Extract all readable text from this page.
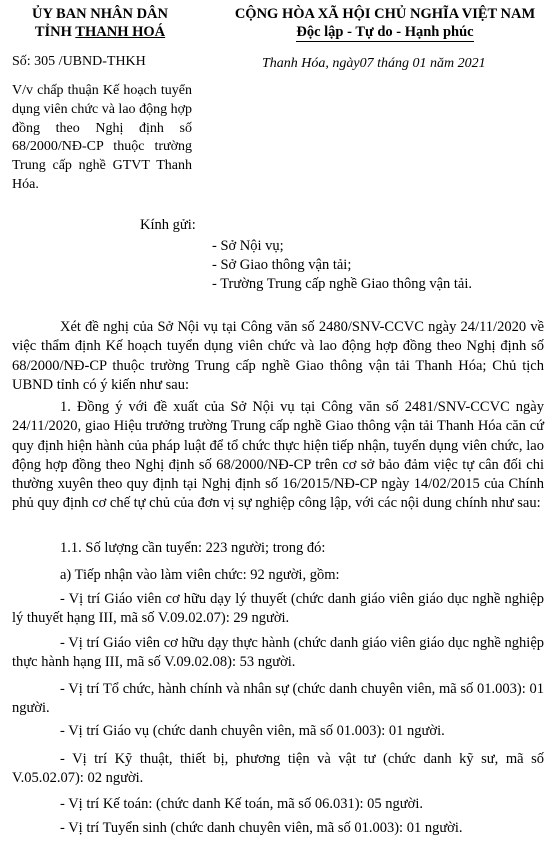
ỦY BAN NHÂN DÂN
TỈNH THANH HOÁ
CỘNG HÒA XÃ HỘI CHỦ NGHĨA VIỆT NAM
Độc lập - Tự do - Hạnh phúc
Số: 305 /UBND-THKH	Thanh Hóa, ngày07 tháng 01 năm 2021
V/v chấp thuận Kế hoạch tuyển dụng viên chức và lao động hợp đồng theo Nghị định số 68/2000/NĐ-CP thuộc trường Trung cấp nghề GTVT Thanh Hóa.
Kính gửi:
- Sở Nội vụ;
- Sở Giao thông vận tải;
- Trường Trung cấp nghề Giao thông vận tải.
Xét đề nghị của Sở Nội vụ tại Công văn số 2480/SNV-CCVC ngày 24/11/2020 về việc thẩm định Kế hoạch tuyển dụng viên chức và lao động hợp đồng theo Nghị định số 68/2000/NĐ-CP thuộc trường Trung cấp nghề Giao thông vận tải Thanh Hóa; Chủ tịch UBND tỉnh có ý kiến như sau:
1. Đồng ý với đề xuất của Sở Nội vụ tại Công văn số 2481/SNV-CCVC ngày 24/11/2020, giao Hiệu trưởng trường Trung cấp nghề Giao thông vận tải Thanh Hóa căn cứ quy định hiện hành của pháp luật để tổ chức thực hiện tiếp nhận, tuyển dụng viên chức, lao động hợp đồng theo Nghị định số 68/2000/NĐ-CP trên cơ sở bảo đảm việc tự cân đối chi thường xuyên theo quy định tại Nghị định số 16/2015/NĐ-CP ngày 14/02/2015 của Chính phủ quy định cơ chế tự chủ của đơn vị sự nghiệp công lập, với các nội dung chính như sau:
1.1. Số lượng cần tuyển: 223 người; trong đó:
a) Tiếp nhận vào làm viên chức: 92 người, gồm:
- Vị trí Giáo viên cơ hữu dạy lý thuyết (chức danh giáo viên giáo dục nghề nghiệp lý thuyết hạng III, mã số V.09.02.07): 29 người.
- Vị trí Giáo viên cơ hữu dạy thực hành (chức danh giáo viên giáo dục nghề nghiệp thực hành hạng III, mã số V.09.02.08): 53 người.
- Vị trí Tổ chức, hành chính và nhân sự (chức danh chuyên viên, mã số 01.003): 01 người.
- Vị trí Giáo vụ (chức danh chuyên viên, mã số 01.003): 01 người.
- Vị trí Kỹ thuật, thiết bị, phương tiện và vật tư (chức danh kỹ sư, mã số V.05.02.07): 02 người.
- Vị trí Kế toán: (chức danh Kế toán, mã số 06.031): 05 người.
- Vị trí Tuyển sinh (chức danh chuyên viên, mã số 01.003): 01 người.
